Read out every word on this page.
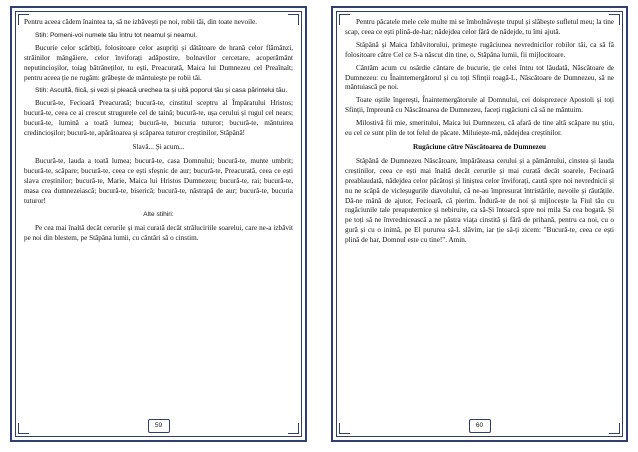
Pentru aceea cădem înaintea ta, să ne izbăvești pe noi, robii tăi, din toate nevoile.

Stih: Pomeni-voi numele tău întru tot neamul și neamul.

Bucurie celor scârbiți, folositoare celor asupriți și dătătoare de hrană celor flămânzi, străinilor mângâiere, celor înviforați adăpostire, bolnavilor cercetare, acoperământ neputincioșilor, toiag bătrâneților, tu ești, Preacurată, Maica lui Dumnezeu cel Preaînalt; pentru aceea ție ne rugăm: grăbește de mântuiește pe robii tăi.

Stih: Ascultă, fiică, și vezi și pleacă urechea ta și uită poporul tău și casa părintelui tău.

Bucură-te, Fecioară Preacurată; bucură-te, cinstitul sceptru al Împăratului Hristos; bucură-te, ceea ce ai crescut strugurele cel de taină; bucură-te, ușa cerului și rugul cel nears; bucură-te, lumină a toată lumea; bucură-te, bucuria tuturor; bucură-te, mântuirea credincioșilor; bucură-te, apărătoarea și scăparea tuturor creștinilor, Stăpână!

Slavă... Și acum...

Bucură-te, lauda a toată lumea; bucură-te, casa Domnului; bucură-te, munte umbrit; bucură-te, scăpare; bucură-te, ceea ce ești sfeșnic de aur; bucură-te, Preacurată, ceea ce ești slava creștinilor; bucură-te, Marie, Maica lui Hristos Dumnezeu; bucură-te, rai; bucură-te, masa cea dumnezeiască; bucură-te, biserică; bucură-te, năstrapă de aur; bucură-te, bucuria tuturor!

Alte stihiri:

Pe cea mai înaltă decât cerurile și mai curată decât străluciriile soarelui, care ne-a izbăvit pe noi din blestem, pe Stăpâna lumii, cu cântări să o cinstim.

59

Pentru păcatele mele cele multe mi se îmbolnăvește trupul și slăbește sufletul meu; la tine scap, ceea ce ești plină-de-har; nădejdea celor fără de nădejde, tu îmi ajută.

Stăpână și Maica Izbăvitorului, primește rugăciunea nevrednicilor robilor tăi, ca să fă folositoare către Cel ce S-a născut din tine, o, Stăpâna lumii, fii mijlocitoare.

Cântăm acum cu osârdie cântare de bucurie, ție celei întru tot lăudată, Născătoare de Dumnezeu: cu Înaintemergătorul și cu toți Sfinții roagă-L, Născătoare de Dumnezeu, să ne mântuiască pe noi.

Toate oștile îngerești, Înaintemergătorule al Domnului, cei doisprezece Apostoli și toți Sfinții, împreună cu Născătoarea de Dumnezeu, faceți rugăciuni că să ne mântuim.

Milostivă fii mie, smeritului, Maica lui Dumnezeu, că afară de tine altă scăpare nu știu, eu cel ce sunt plin de tot felul de păcate. Miluiește-mă, nădejdea creștinilor.

Rugăciune către Născătoarea de Dumnezeu

Stăpână de Dumnezeu Născătoare, împărăteasa cerului și a pământului, cinstea și lauda creștinilor, ceea ce ești mai înaltă decât cerurile și mai curată decât soarele, Fecioară preablaudată, nădejdea celor păcătoși și liniștea celor înviforați, caută spre noi nevrednicii și nu ne scăpă de vicleșugurile diavolului, că ne-au împresurat întristările, nevoile și răutățile. Dă-ne mână de ajutor, Fecioară, că pierim. Îndură-te de noi și mijlocește la Fiul tău cu rugăciunile tale preaputernice și nebiruite, ca să-Și întoarcă spre noi mila Sa cea bogată. Și pe toți să ne învrednicească a ne păstra viața cinstită și fără de prihană, pentru ca noi, cu o gură și cu o inimă, pe El pururea să-L slăvim, iar ție să-ți zicem: "Bucură-te, ceea ce ești plină de har, Domnul este cu tine!". Amin.

60
